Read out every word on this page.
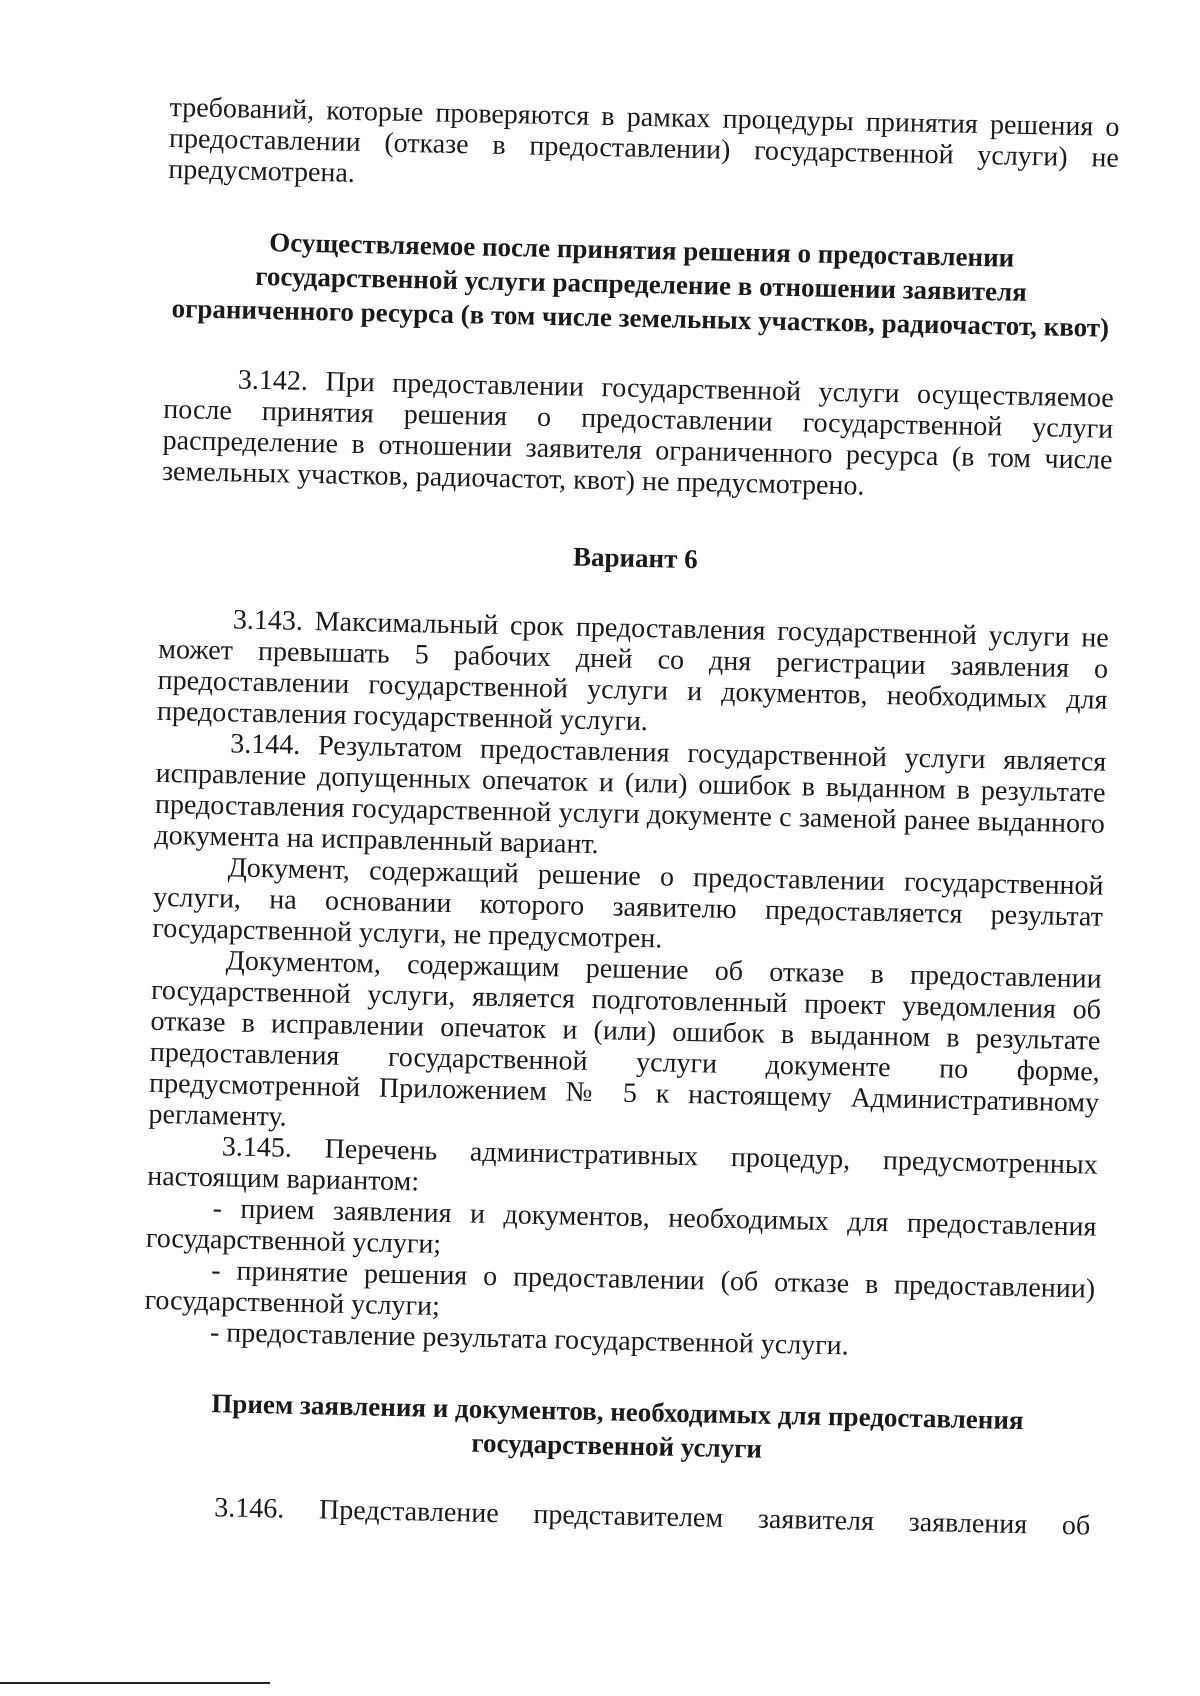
требований, которые проверяются в рамках процедуры принятия решения о предоставлении (отказе в предоставлении) государственной услуги) не предусмотрена.

Осуществляемое после принятия решения о предоставлении государственной услуги распределение в отношении заявителя ограниченного ресурса (в том числе земельных участков, радиочастот, квот)

3.142. При предоставлении государственной услуги осуществляемое после принятия решения о предоставлении государственной услуги распределение в отношении заявителя ограниченного ресурса (в том числе земельных участков, радиочастот, квот) не предусмотрено.

Вариант 6

3.143. Максимальный срок предоставления государственной услуги не может превышать 5 рабочих дней со дня регистрации заявления о предоставлении государственной услуги и документов, необходимых для предоставления государственной услуги.

3.144. Результатом предоставления государственной услуги является исправление допущенных опечаток и (или) ошибок в выданном в результате предоставления государственной услуги документе с заменой ранее выданного документа на исправленный вариант.

Документ, содержащий решение о предоставлении государственной услуги, на основании которого заявителю предоставляется результат государственной услуги, не предусмотрен.

Документом, содержащим решение об отказе в предоставлении государственной услуги, является подготовленный проект уведомления об отказе в исправлении опечаток и (или) ошибок в выданном в результате предоставления государственной услуги документе по форме, предусмотренной Приложением № 5 к настоящему Административному регламенту.

3.145. Перечень административных процедур, предусмотренных настоящим вариантом:

- прием заявления и документов, необходимых для предоставления государственной услуги;

- принятие решения о предоставлении (об отказе в предоставлении) государственной услуги;

- предоставление результата государственной услуги.

Прием заявления и документов, необходимых для предоставления государственной услуги

3.146. Представление представителем заявителя заявления об
